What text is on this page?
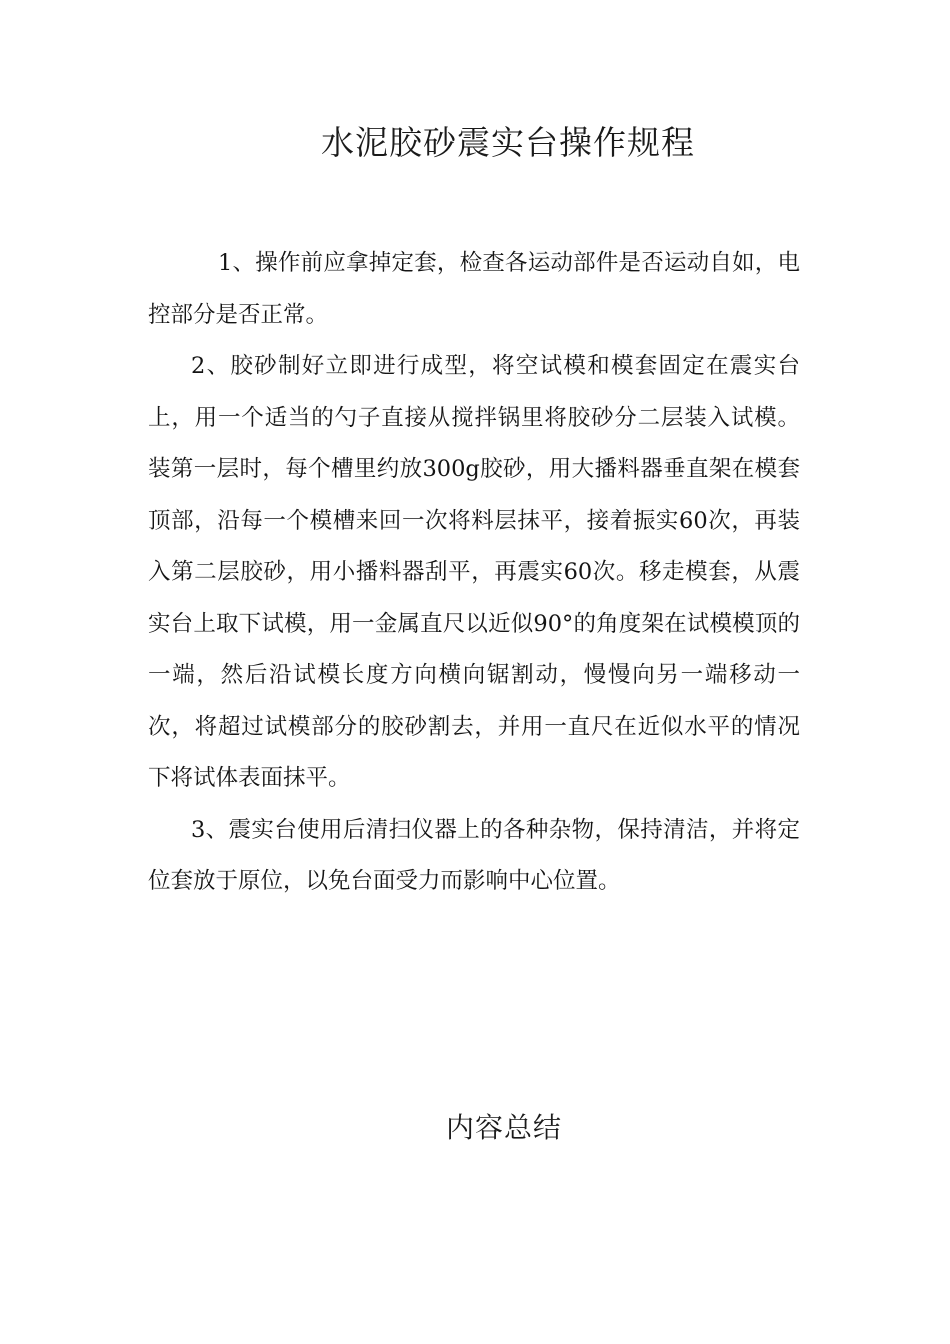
水泥胶砂震实台操作规程

1、操作前应拿掉定套，检查各运动部件是否运动自如，电控部分是否正常。

2、胶砂制好立即进行成型，将空试模和模套固定在震实台上，用一个适当的勺子直接从搅拌锅里将胶砂分二层装入试模。装第一层时，每个槽里约放300g胶砂，用大播料器垂直架在模套顶部，沿每一个模槽来回一次将料层抹平，接着振实60次，再装入第二层胶砂，用小播料器刮平，再震实60次。移走模套，从震实台上取下试模，用一金属直尺以近似90°的角度架在试模模顶的一端，然后沿试模长度方向横向锯割动，慢慢向另一端移动一次，将超过试模部分的胶砂割去，并用一直尺在近似水平的情况下将试体表面抹平。

3、震实台使用后清扫仪器上的各种杂物，保持清洁，并将定位套放于原位，以免台面受力而影响中心位置。

内容总结
